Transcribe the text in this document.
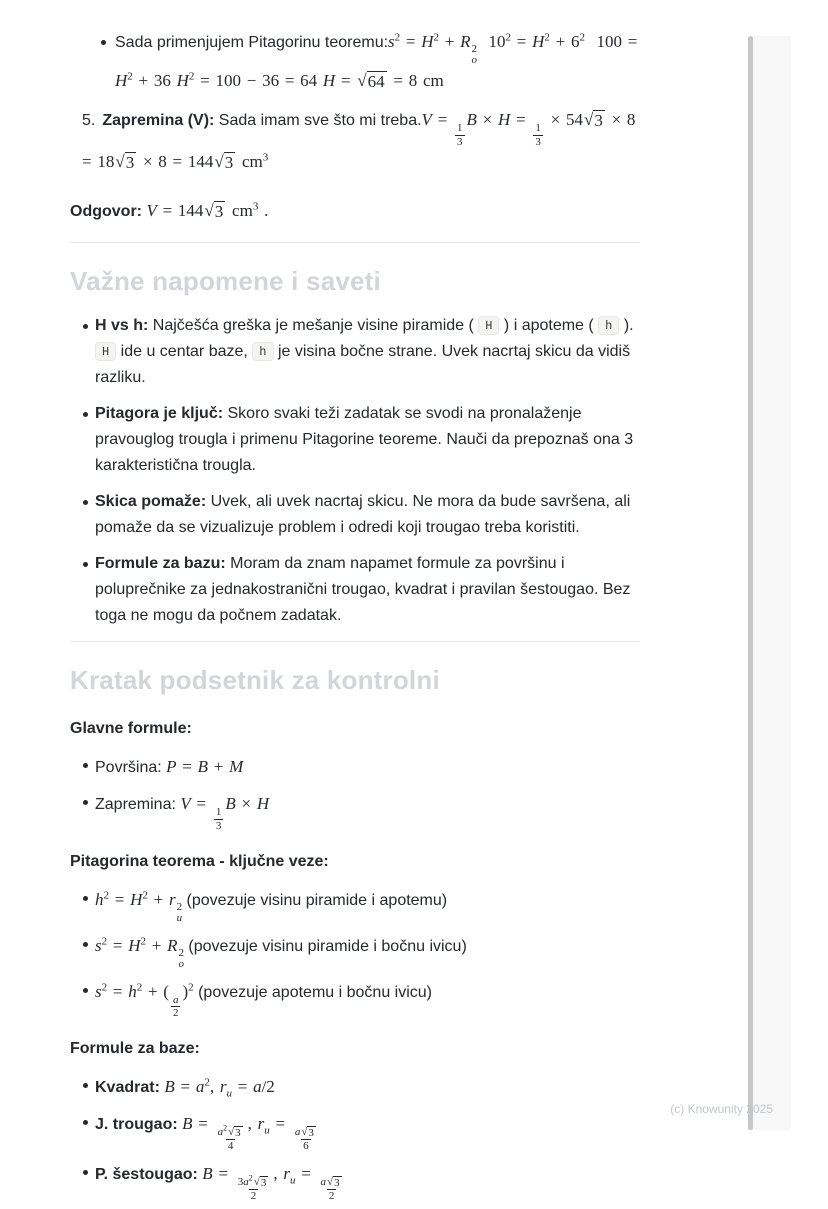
Sada primenjujem Pitagorinu $teoremu:s^2 = H^2 + R$ 2
o
$10^2 = H^2 + 6^2$  $100 = H^2 + 36$ $H^2 = 100 - 36 = 64$ H = √ 64 = 8 cm
5. Zapremina (V): Sada imam sve što mi treba.V =
$\frac{1}{3}$
B × H =
$\frac{1}{3}$
× 54 √ 3 × 8 = 18 √ 3 × 8 = 144 √ 3 $cm^3$

Odgovor: V = 144 √ 3 $cm^3$ .

Važne napomene i saveti
H vs h: Najčešća greška je mešanje visine piramide ( H ) i apoteme ( h ). H ide u centar baze, h je visina bočne strane. Uvek nacrtaj skicu da vidiš razliku.
Pitagora je ključ: Skoro svaki teži zadatak se svodi na pronalaženje pravouglog trougla i primenu Pitagorine teoreme. Nauči da prepoznaš ona 3 karakteristična trougla.
Skica pomaže: Uvek, ali uvek nacrtaj skicu. Ne mora da bude savršena, ali pomaže da se vizualizuje problem i odredi koji trougao treba koristiti.
Formule za bazu: Moram da znam napamet formule za površinu i poluprečnike za jednakostranični trougao, kvadrat i pravilan šestougao. Bez toga ne mogu da počnem zadatak.
Kratak podsetnik za kontrolni

Glavne formule:

Površina: P = B + M
Zapremina: V =
$\frac{1}{3}$
B × H

Pitagorina teorema - ključne veze:

$h^2 = H^2 + r$ 2
u
(povezuje visinu piramide i apotemu)
$s^2 = H^2 + R$ 2
o
(povezuje visinu piramide i bočnu ivicu)
$s^2 = h^2$ + (
$\frac{a}{2}$
)$^2$ (povezuje apotemu i bočnu ivicu)

Formule za baze:

Kvadrat: $B = a^2$, $r_u = a/2$
J. trougao: B =
$\frac{a^2 √ 3}{4}$
, $r_u$ =
$\frac{a √ 3}{6}$
P. šestougao: B =
$\frac{3a^2 √ 3}{2}$
, $r_u$ =
$\frac{a √ 3}{2}$
(c) Knowunity 2025
